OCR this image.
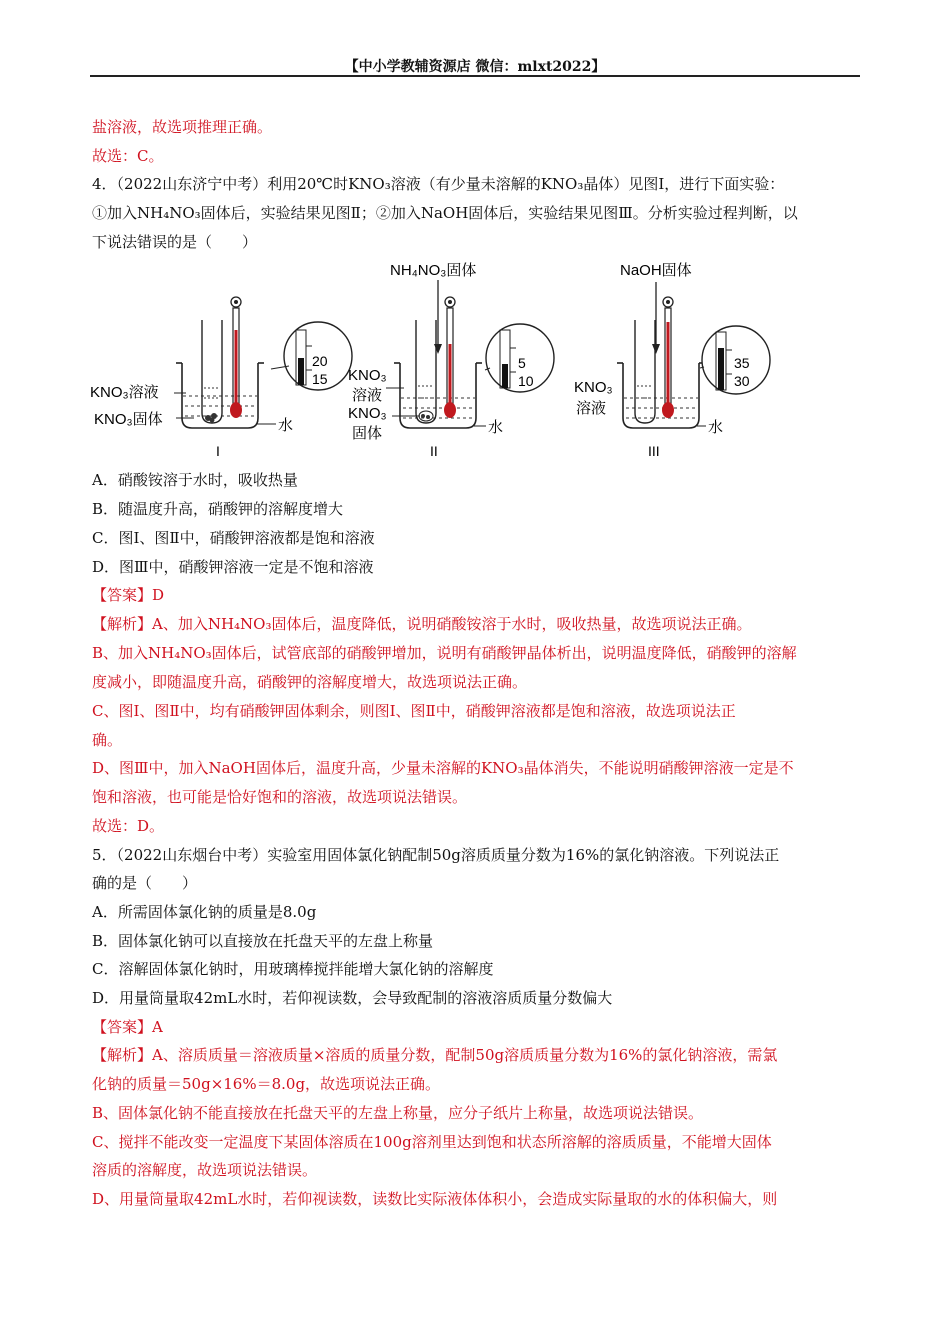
【中小学教辅资源店 微信：mlxt2022】
盐溶液，故选项推理正确。
故选：C。
4．（2022山东济宁中考）利用20℃时KNO₃溶液（有少量未溶解的KNO₃晶体）见图Ⅰ，进行下面实验：
①加入NH₄NO₃固体后，实验结果见图Ⅱ；②加入NaOH固体后，实验结果见图Ⅲ。分析实验过程判断，以
下说法错误的是（　　）
KNO₃溶液
KNO₃固体	水
20
15
I
NH₄NO₃固体
KNO₃
溶液
KNO₃
固体	水
5
10
II
NaOH固体
KNO₃
溶液
水
35
30
III
A．硝酸铵溶于水时，吸收热量
B．随温度升高，硝酸钾的溶解度增大
C．图Ⅰ、图Ⅱ中，硝酸钾溶液都是饱和溶液
D．图Ⅲ中，硝酸钾溶液一定是不饱和溶液
【答案】D
【解析】A、加入NH₄NO₃固体后，温度降低，说明硝酸铵溶于水时，吸收热量，故选项说法正确。
B、加入NH₄NO₃固体后，试管底部的硝酸钾增加，说明有硝酸钾晶体析出，说明温度降低，硝酸钾的溶解
度减小，即随温度升高，硝酸钾的溶解度增大，故选项说法正确。
C、图Ⅰ、图Ⅱ中，均有硝酸钾固体剩余，则图Ⅰ、图Ⅱ中，硝酸钾溶液都是饱和溶液，故选项说法正
确。
D、图Ⅲ中，加入NaOH固体后，温度升高，少量未溶解的KNO₃晶体消失，不能说明硝酸钾溶液一定是不
饱和溶液，也可能是恰好饱和的溶液，故选项说法错误。
故选：D。
5．（2022山东烟台中考）实验室用固体氯化钠配制50g溶质质量分数为16%的氯化钠溶液。下列说法正
确的是（　　）
A．所需固体氯化钠的质量是8.0g
B．固体氯化钠可以直接放在托盘天平的左盘上称量
C．溶解固体氯化钠时，用玻璃棒搅拌能增大氯化钠的溶解度
D．用量筒量取42mL水时，若仰视读数，会导致配制的溶液溶质质量分数偏大
【答案】A
【解析】A、溶质质量＝溶液质量×溶质的质量分数，配制50g溶质质量分数为16%的氯化钠溶液，需氯
化钠的质量＝50g×16%＝8.0g，故选项说法正确。
B、固体氯化钠不能直接放在托盘天平的左盘上称量，应分子纸片上称量，故选项说法错误。
C、搅拌不能改变一定温度下某固体溶质在100g溶剂里达到饱和状态所溶解的溶质质量，不能增大固体
溶质的溶解度，故选项说法错误。
D、用量筒量取42mL水时，若仰视读数，读数比实际液体体积小，会造成实际量取的水的体积偏大，则
